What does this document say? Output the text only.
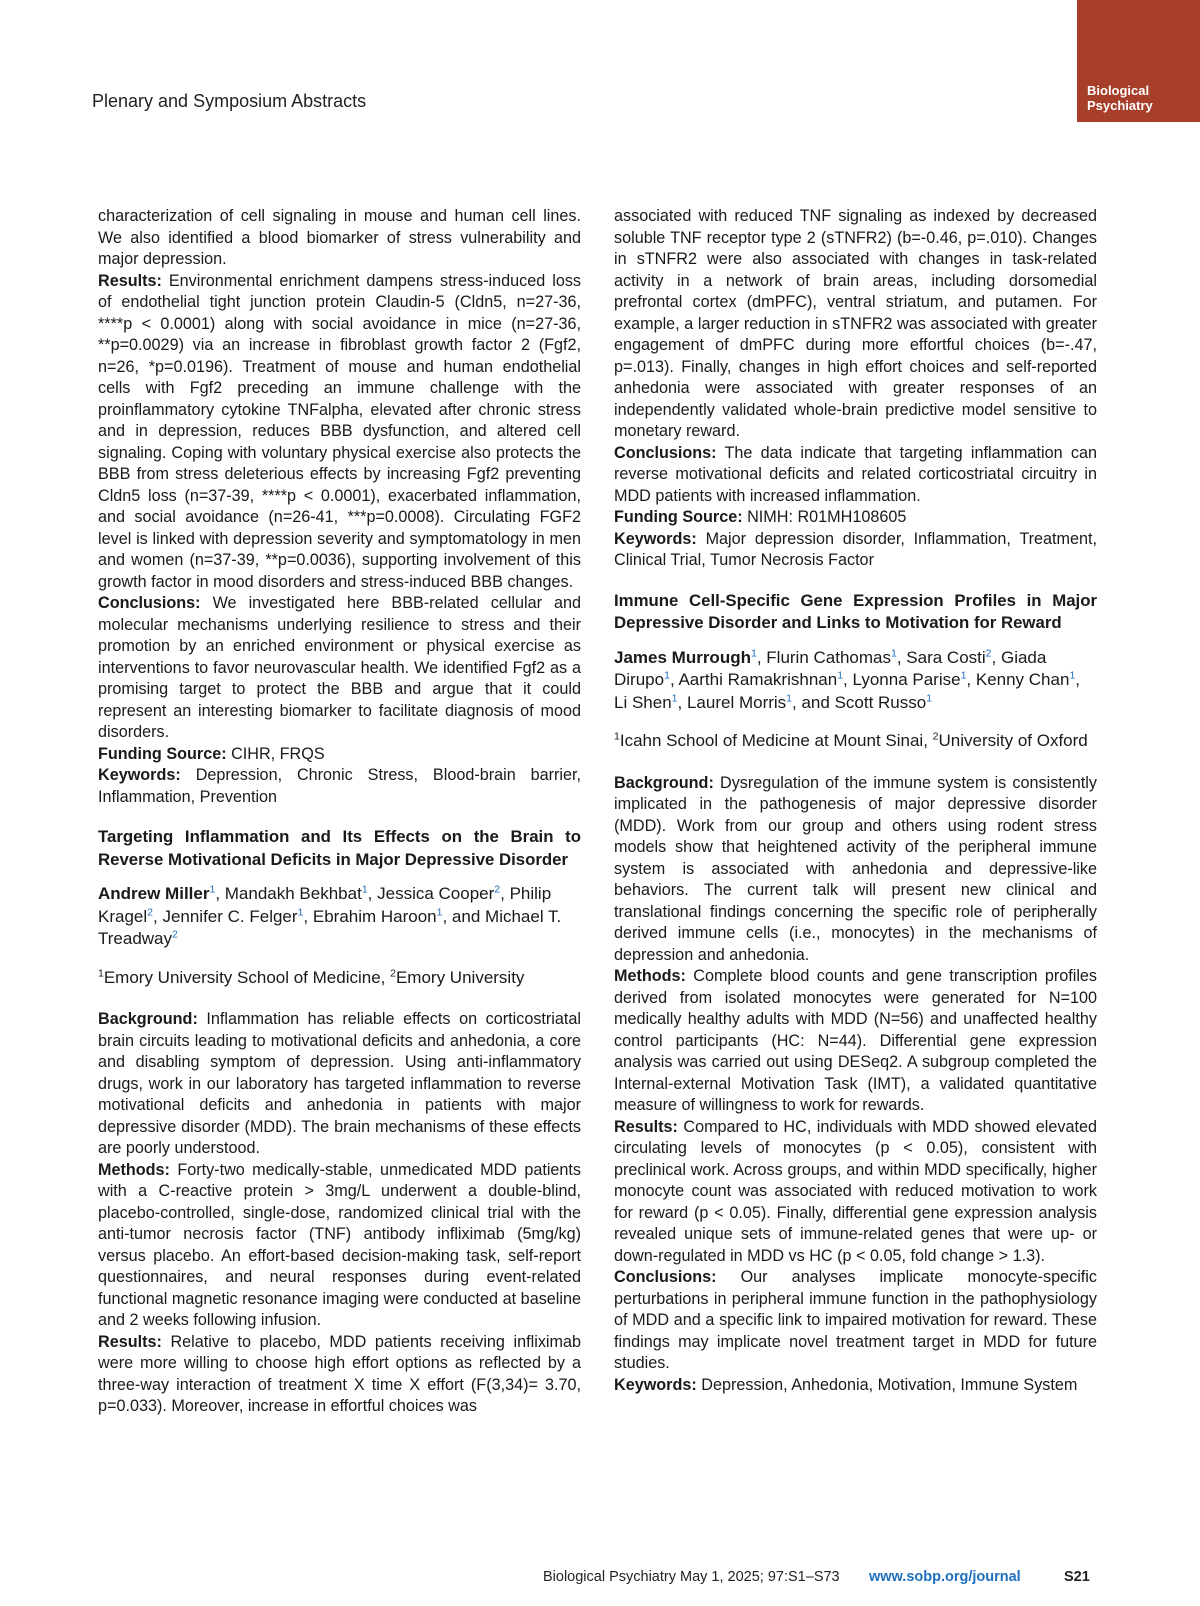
Plenary and Symposium Abstracts
Biological
Psychiatry

characterization of cell signaling in mouse and human cell lines. We also identified a blood biomarker of stress vulnerability and major depression.

Results: Environmental enrichment dampens stress-induced loss of endothelial tight junction protein Claudin-5 (Cldn5, n=27-36, ****p < 0.0001) along with social avoidance in mice (n=27-36, **p=0.0029) via an increase in fibroblast growth factor 2 (Fgf2, n=26, *p=0.0196). Treatment of mouse and human endothelial cells with Fgf2 preceding an immune challenge with the proinflammatory cytokine TNFalpha, elevated after chronic stress and in depression, reduces BBB dysfunction, and altered cell signaling. Coping with voluntary physical exercise also protects the BBB from stress deleterious effects by increasing Fgf2 preventing Cldn5 loss (n=37-39, ****p < 0.0001), exacerbated inflammation, and social avoidance (n=26-41, ***p=0.0008). Circulating FGF2 level is linked with depression severity and symptomatology in men and women (n=37-39, **p=0.0036), supporting involvement of this growth factor in mood disorders and stress-induced BBB changes.

Conclusions: We investigated here BBB-related cellular and molecular mechanisms underlying resilience to stress and their promotion by an enriched environment or physical exercise as interventions to favor neurovascular health. We identified Fgf2 as a promising target to protect the BBB and argue that it could represent an interesting biomarker to facilitate diagnosis of mood disorders.

Funding Source: CIHR, FRQS

Keywords: Depression, Chronic Stress, Blood-brain barrier, Inflammation, Prevention

Targeting Inflammation and Its Effects on the Brain to Reverse Motivational Deficits in Major Depressive Disorder
Andrew Miller$^1$, Mandakh Bekhbat$^1$, Jessica Cooper$^2$, Philip Kragel$^2$, Jennifer C. Felger$^1$, Ebrahim Haroon$^1$, and Michael T. Treadway$^2$
$^1$Emory University School of Medicine, $^2$Emory University

Background: Inflammation has reliable effects on corticostriatal brain circuits leading to motivational deficits and anhedonia, a core and disabling symptom of depression. Using anti-inflammatory drugs, work in our laboratory has targeted inflammation to reverse motivational deficits and anhedonia in patients with major depressive disorder (MDD). The brain mechanisms of these effects are poorly understood.

Methods: Forty-two medically-stable, unmedicated MDD patients with a C-reactive protein > 3mg/L underwent a double-blind, placebo-controlled, single-dose, randomized clinical trial with the anti-tumor necrosis factor (TNF) antibody infliximab (5mg/kg) versus placebo. An effort-based decision-making task, self-report questionnaires, and neural responses during event-related functional magnetic resonance imaging were conducted at baseline and 2 weeks following infusion.

Results: Relative to placebo, MDD patients receiving infliximab were more willing to choose high effort options as reflected by a three-way interaction of treatment X time X effort (F(3,34)= 3.70, p=0.033). Moreover, increase in effortful choices was

associated with reduced TNF signaling as indexed by decreased soluble TNF receptor type 2 (sTNFR2) (b=-0.46, p=.010). Changes in sTNFR2 were also associated with changes in task-related activity in a network of brain areas, including dorsomedial prefrontal cortex (dmPFC), ventral striatum, and putamen. For example, a larger reduction in sTNFR2 was associated with greater engagement of dmPFC during more effortful choices (b=-.47, p=.013). Finally, changes in high effort choices and self-reported anhedonia were associated with greater responses of an independently validated whole-brain predictive model sensitive to monetary reward.

Conclusions: The data indicate that targeting inflammation can reverse motivational deficits and related corticostriatal circuitry in MDD patients with increased inflammation.

Funding Source: NIMH: R01MH108605

Keywords: Major depression disorder, Inflammation, Treatment, Clinical Trial, Tumor Necrosis Factor

Immune Cell-Specific Gene Expression Profiles in Major Depressive Disorder and Links to Motivation for Reward
James Murrough$^1$, Flurin Cathomas$^1$, Sara Costi$^2$, Giada Dirupo$^1$, Aarthi Ramakrishnan$^1$, Lyonna Parise$^1$, Kenny Chan$^1$, Li Shen$^1$, Laurel Morris$^1$, and Scott Russo$^1$
$^1$Icahn School of Medicine at Mount Sinai, $^2$University of Oxford

Background: Dysregulation of the immune system is consistently implicated in the pathogenesis of major depressive disorder (MDD). Work from our group and others using rodent stress models show that heightened activity of the peripheral immune system is associated with anhedonia and depressive-like behaviors. The current talk will present new clinical and translational findings concerning the specific role of peripherally derived immune cells (i.e., monocytes) in the mechanisms of depression and anhedonia.

Methods: Complete blood counts and gene transcription profiles derived from isolated monocytes were generated for N=100 medically healthy adults with MDD (N=56) and unaffected healthy control participants (HC: N=44). Differential gene expression analysis was carried out using DESeq2. A subgroup completed the Internal-external Motivation Task (IMT), a validated quantitative measure of willingness to work for rewards.

Results: Compared to HC, individuals with MDD showed elevated circulating levels of monocytes (p < 0.05), consistent with preclinical work. Across groups, and within MDD specifically, higher monocyte count was associated with reduced motivation to work for reward (p < 0.05). Finally, differential gene expression analysis revealed unique sets of immune-related genes that were up- or down-regulated in MDD vs HC (p < 0.05, fold change > 1.3).

Conclusions: Our analyses implicate monocyte-specific perturbations in peripheral immune function in the pathophysiology of MDD and a specific link to impaired motivation for reward. These findings may implicate novel treatment target in MDD for future studies.

Keywords: Depression, Anhedonia, Motivation, Immune System

Biological Psychiatry May 1, 2025; 97:S1–S73 www.sobp.org/journal	S21
